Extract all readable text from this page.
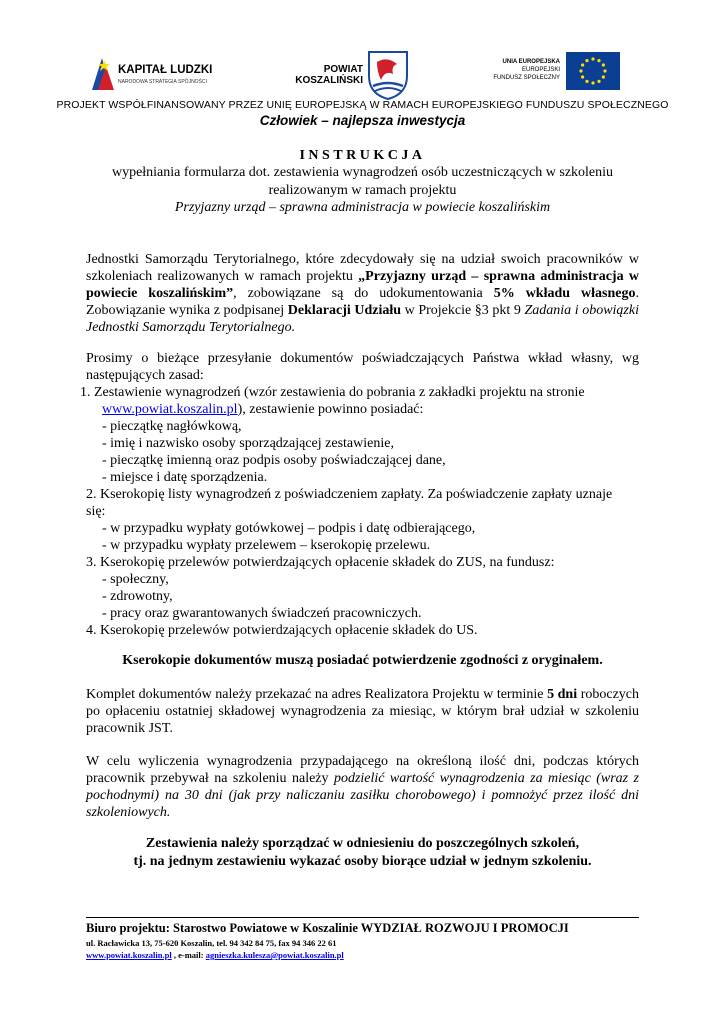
KAPITAŁ LUDZKI
NARODOWA STRATEGIA SPÓJNOŚCI
POWIAT
KOSZALIŃSKI
UNIA EUROPEJSKA
EUROPEJSKI
FUNDUSZ SPOŁECZNY
PROJEKT WSPÓŁFINANSOWANY PRZEZ UNIĘ EUROPEJSKĄ W RAMACH EUROPEJSKIEGO FUNDUSZU SPOŁECZNEGO
Człowiek – najlepsza inwestycja
INSTRUKCJA
wypełniania formularza dot. zestawienia wynagrodzeń osób uczestniczących w szkoleniu
realizowanym w ramach projektu
Przyjazny urząd – sprawna administracja w powiecie koszalińskim
Jednostki Samorządu Terytorialnego, które zdecydowały się na udział swoich pracowników w szkoleniach realizowanych w ramach projektu „Przyjazny urząd – sprawna administracja w powiecie koszalińskim”, zobowiązane są do udokumentowania 5% wkładu własnego. Zobowiązanie wynika z podpisanej Deklaracji Udziału w Projekcie §3 pkt 9 Zadania i obowiązki Jednostki Samorządu Terytorialnego.
Prosimy o bieżące przesyłanie dokumentów poświadczających Państwa wkład własny, wg następujących zasad:
1. Zestawienie wynagrodzeń (wzór zestawienia do pobrania z zakładki projektu na stronie
www.powiat.koszalin.pl), zestawienie powinno posiadać:
- pieczątkę nagłówkową,
- imię i nazwisko osoby sporządzającej zestawienie,
- pieczątkę imienną oraz podpis osoby poświadczającej dane,
- miejsce i datę sporządzenia.
2. Kserokopię listy wynagrodzeń z poświadczeniem zapłaty. Za poświadczenie zapłaty uznaje
się:
- w przypadku wypłaty gotówkowej – podpis i datę odbierającego,
- w przypadku wypłaty przelewem – kserokopię przelewu.
3. Kserokopię przelewów potwierdzających opłacenie składek do ZUS, na fundusz:
- społeczny,
- zdrowotny,
- pracy oraz gwarantowanych świadczeń pracowniczych.
4. Kserokopię przelewów potwierdzających opłacenie składek do US.
Kserokopie dokumentów muszą posiadać potwierdzenie zgodności z oryginałem.
Komplet dokumentów należy przekazać na adres Realizatora Projektu w terminie 5 dni roboczych po opłaceniu ostatniej składowej wynagrodzenia za miesiąc, w którym brał udział w szkoleniu pracownik JST.
W celu wyliczenia wynagrodzenia przypadającego na określoną ilość dni, podczas których pracownik przebywał na szkoleniu należy podzielić wartość wynagrodzenia za miesiąc (wraz z pochodnymi) na 30 dni (jak przy naliczaniu zasiłku chorobowego) i pomnożyć przez ilość dni szkoleniowych.
Zestawienia należy sporządzać w odniesieniu do poszczególnych szkoleń,
tj. na jednym zestawieniu wykazać osoby biorące udział w jednym szkoleniu.
Biuro projektu: Starostwo Powiatowe w Koszalinie WYDZIAŁ ROZWOJU I PROMOCJI
ul. Racławicka 13, 75-620 Koszalin, tel. 94 342 84 75, fax 94 346 22 61
www.powiat.koszalin.pl , e-mail: agnieszka.kulesza@powiat.koszalin.pl
